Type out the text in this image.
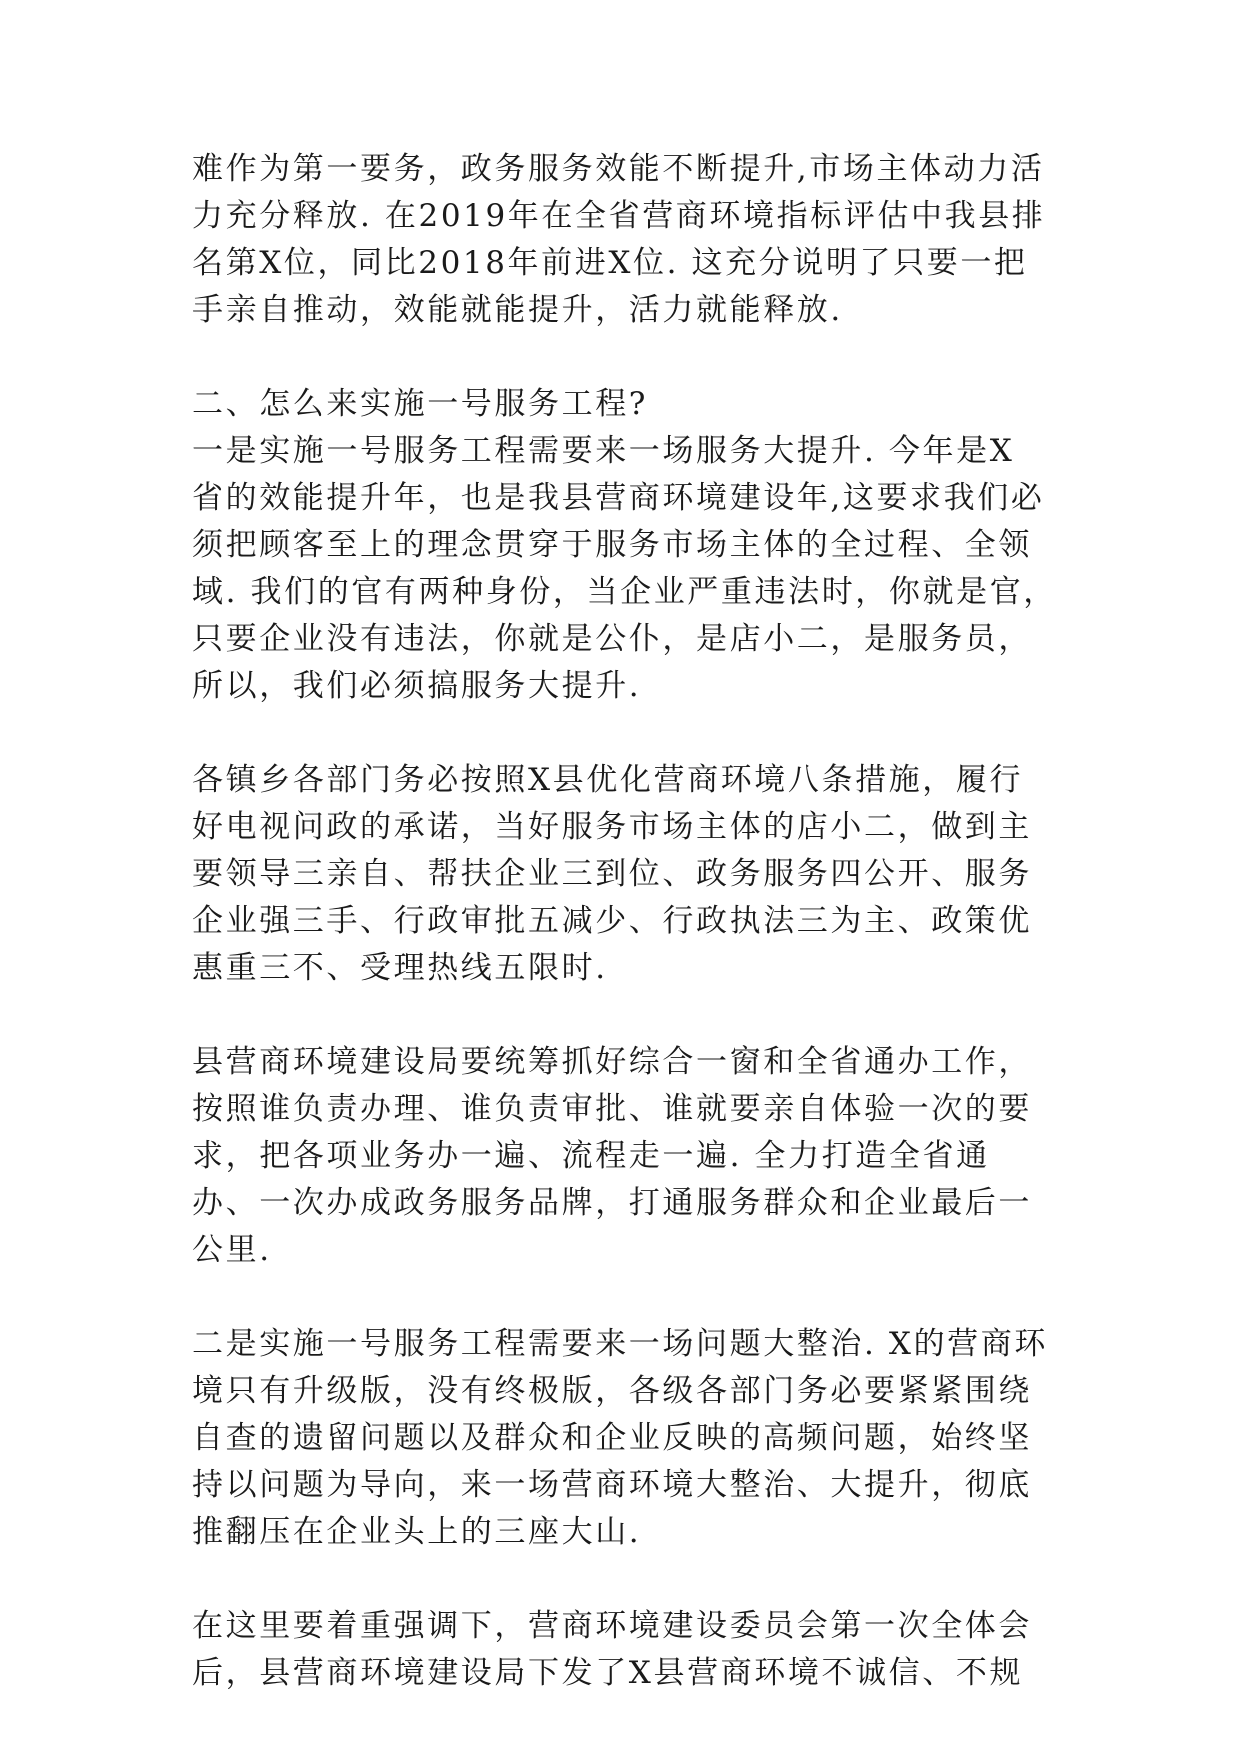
难作为第一要务，政务服务效能不断提升,市场主体动力活
力充分释放. 在2019年在全省营商环境指标评估中我县排
名第X位，同比2018年前进X位. 这充分说明了只要一把
手亲自推动，效能就能提升，活力就能释放.
二、怎么来实施一号服务工程?
一是实施一号服务工程需要来一场服务大提升. 今年是X
省的效能提升年，也是我县营商环境建设年,这要求我们必
须把顾客至上的理念贯穿于服务市场主体的全过程、全领
域. 我们的官有两种身份，当企业严重违法时，你就是官，
只要企业没有违法，你就是公仆，是店小二，是服务员，
所以，我们必须搞服务大提升.
各镇乡各部门务必按照X县优化营商环境八条措施，履行
好电视问政的承诺，当好服务市场主体的店小二，做到主
要领导三亲自、帮扶企业三到位、政务服务四公开、服务
企业强三手、行政审批五减少、行政执法三为主、政策优
惠重三不、受理热线五限时.
县营商环境建设局要统筹抓好综合一窗和全省通办工作，
按照谁负责办理、谁负责审批、谁就要亲自体验一次的要
求，把各项业务办一遍、流程走一遍. 全力打造全省通
办、一次办成政务服务品牌，打通服务群众和企业最后一
公里.
二是实施一号服务工程需要来一场问题大整治. X的营商环
境只有升级版，没有终极版，各级各部门务必要紧紧围绕
自查的遗留问题以及群众和企业反映的高频问题，始终坚
持以问题为导向，来一场营商环境大整治、大提升，彻底
推翻压在企业头上的三座大山.
在这里要着重强调下，营商环境建设委员会第一次全体会
后，县营商环境建设局下发了X县营商环境不诚信、不规
